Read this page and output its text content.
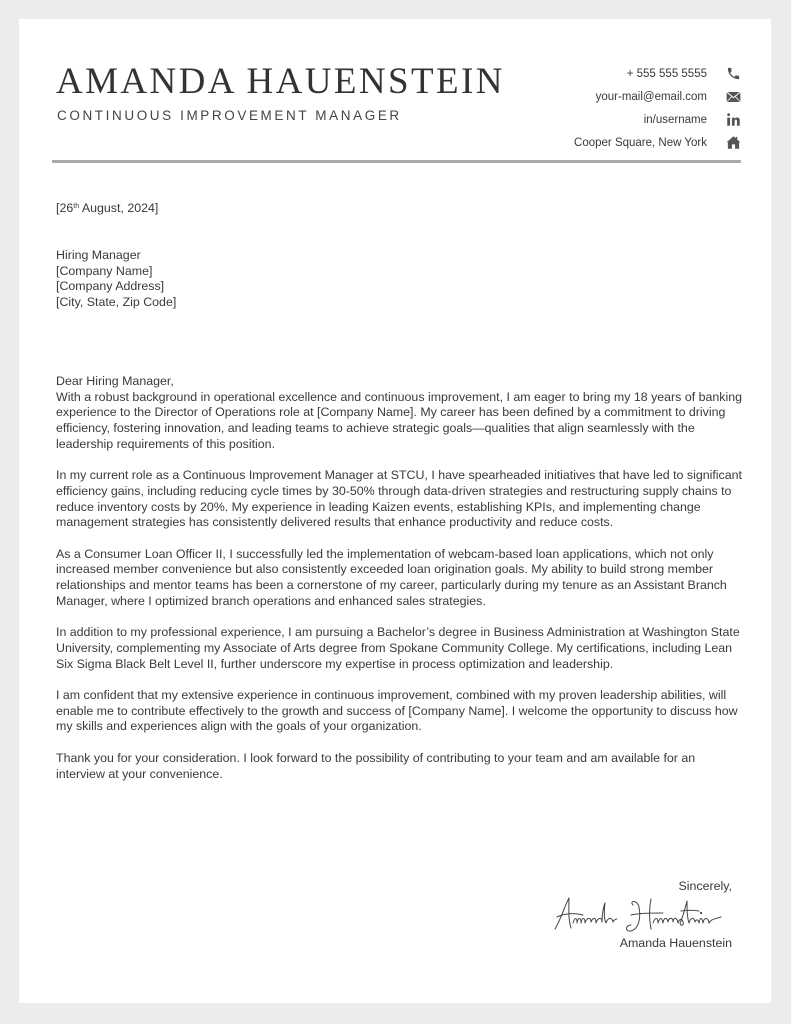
AMANDA HAUENSTEIN
CONTINUOUS IMPROVEMENT MANAGER
+ 555 555 5555
your-mail@email.com
in/username
Cooper Square, New York
[26th August, 2024]
Hiring Manager
[Company Name]
[Company Address]
[City, State, Zip Code]

Dear Hiring Manager,

With a robust background in operational excellence and continuous improvement, I am eager to bring my 18 years of banking experience to the Director of Operations role at [Company Name]. My career has been defined by a commitment to driving efficiency, fostering innovation, and leading teams to achieve strategic goals—qualities that align seamlessly with the leadership requirements of this position.

In my current role as a Continuous Improvement Manager at STCU, I have spearheaded initiatives that have led to significant efficiency gains, including reducing cycle times by 30-50% through data-driven strategies and restructuring supply chains to reduce inventory costs by 20%. My experience in leading Kaizen events, establishing KPIs, and implementing change management strategies has consistently delivered results that enhance productivity and reduce costs.

As a Consumer Loan Officer II, I successfully led the implementation of webcam-based loan applications, which not only increased member convenience but also consistently exceeded loan origination goals. My ability to build strong member relationships and mentor teams has been a cornerstone of my career, particularly during my tenure as an Assistant Branch Manager, where I optimized branch operations and enhanced sales strategies.

In addition to my professional experience, I am pursuing a Bachelor’s degree in Business Administration at Washington State University, complementing my Associate of Arts degree from Spokane Community College. My certifications, including Lean Six Sigma Black Belt Level II, further underscore my expertise in process optimization and leadership.

I am confident that my extensive experience in continuous improvement, combined with my proven leadership abilities, will enable me to contribute effectively to the growth and success of [Company Name]. I welcome the opportunity to discuss how my skills and experiences align with the goals of your organization.

Thank you for your consideration. I look forward to the possibility of contributing to your team and am available for an interview at your convenience.

Sincerely,
Amanda Hauenstein
